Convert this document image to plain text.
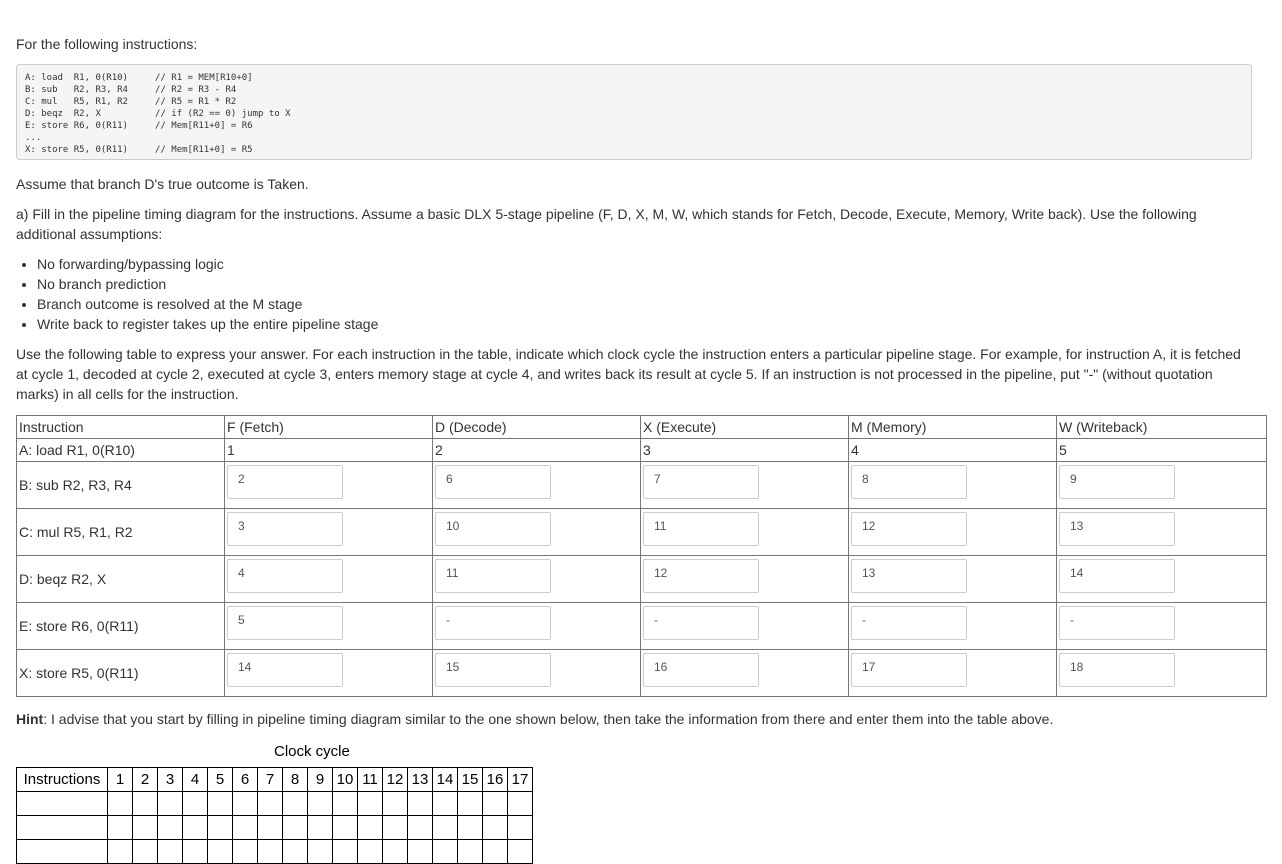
For the following instructions:
A: load  R1, 0(R10)     // R1 = MEM[R10+0]
B: sub   R2, R3, R4     // R2 = R3 - R4
C: mul   R5, R1, R2     // R5 = R1 * R2
D: beqz  R2, X          // if (R2 == 0) jump to X
E: store R6, 0(R11)     // Mem[R11+0] = R6
...
X: store R5, 0(R11)     // Mem[R11+0] = R5
Assume that branch D's true outcome is Taken.
a) Fill in the pipeline timing diagram for the instructions. Assume a basic DLX 5-stage pipeline (F, D, X, M, W, which stands for Fetch, Decode, Execute, Memory, Write back). Use the following additional assumptions:
• No forwarding/bypassing logic
• No branch prediction
• Branch outcome is resolved at the M stage
• Write back to register takes up the entire pipeline stage
Use the following table to express your answer. For each instruction in the table, indicate which clock cycle the instruction enters a particular pipeline stage. For example, for instruction A, it is fetched at cycle 1, decoded at cycle 2, executed at cycle 3, enters memory stage at cycle 4, and writes back its result at cycle 5. If an instruction is not processed in the pipeline, put "-" (without quotation marks) in all cells for the instruction.
Instruction	F (Fetch)	D (Decode)	X (Execute)	M (Memory)	W (Writeback)
A: load R1, 0(R10)	1	2	3	4	5
B: sub R2, R3, R4	2	6	7	8	9
C: mul R5, R1, R2	3	10	11	12	13
D: beqz R2, X	4	11	12	13	14
E: store R6, 0(R11)	5	-	-	-	-
X: store R5, 0(R11)	14	15	16	17	18
Hint: I advise that you start by filling in pipeline timing diagram similar to the one shown below, then take the information from there and enter them into the table above.
Clock cycle
Instructions	1	2	3	4	5	6	7	8	9	10	11	12	13	14	15	16	17
